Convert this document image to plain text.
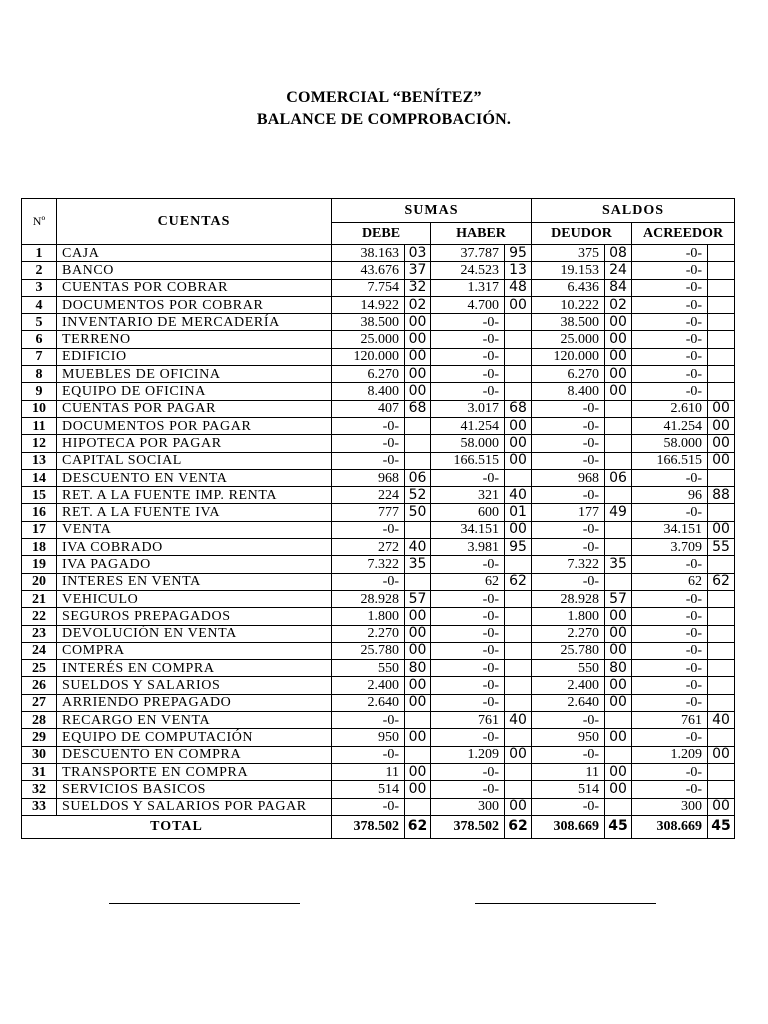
COMERCIAL “BENÍTEZ”
BALANCE DE COMPROBACIÓN.
Nº	CUENTAS	SUMAS				SALDOS			
		DEBE		HABER		DEUDOR		ACREEDOR	
1	CAJA	38.163	03	37.787	95	375	08	-0-	
2	BANCO	43.676	37	24.523	13	19.153	24	-0-	
3	CUENTAS POR COBRAR	7.754	32	1.317	48	6.436	84	-0-	
4	DOCUMENTOS POR COBRAR	14.922	02	4.700	00	10.222	02	-0-	
5	INVENTARIO DE MERCADERÍA	38.500	00	-0-		38.500	00	-0-	
6	TERRENO	25.000	00	-0-		25.000	00	-0-	
7	EDIFICIO	120.000	00	-0-		120.000	00	-0-	
8	MUEBLES DE OFICINA	6.270	00	-0-		6.270	00	-0-	
9	EQUIPO DE OFICINA	8.400	00	-0-		8.400	00	-0-	
10	CUENTAS POR PAGAR	407	68	3.017	68	-0-		2.610	00
11	DOCUMENTOS POR PAGAR	-0-		41.254	00	-0-		41.254	00
12	HIPOTECA POR PAGAR	-0-		58.000	00	-0-		58.000	00
13	CAPITAL SOCIAL	-0-		166.515	00	-0-		166.515	00
14	DESCUENTO EN VENTA	968	06	-0-		968	06	-0-	
15	RET. A LA FUENTE IMP. RENTA	224	52	321	40	-0-		96	88
16	RET. A LA FUENTE IVA	777	50	600	01	177	49	-0-	
17	VENTA	-0-		34.151	00	-0-		34.151	00
18	IVA COBRADO	272	40	3.981	95	-0-		3.709	55
19	IVA PAGADO	7.322	35	-0-		7.322	35	-0-	
20	INTERES EN VENTA	-0-		62	62	-0-		62	62
21	VEHICULO	28.928	57	-0-		28.928	57	-0-	
22	SEGUROS PREPAGADOS	1.800	00	-0-		1.800	00	-0-	
23	DEVOLUCIÓN EN VENTA	2.270	00	-0-		2.270	00	-0-	
24	COMPRA	25.780	00	-0-		25.780	00	-0-	
25	INTERÉS EN COMPRA	550	80	-0-		550	80	-0-	
26	SUELDOS Y SALARIOS	2.400	00	-0-		2.400	00	-0-	
27	ARRIENDO PREPAGADO	2.640	00	-0-		2.640	00	-0-	
28	RECARGO EN VENTA	-0-		761	40	-0-		761	40
29	EQUIPO DE COMPUTACIÓN	950	00	-0-		950	00	-0-	
30	DESCUENTO EN COMPRA	-0-		1.209	00	-0-		1.209	00
31	TRANSPORTE EN COMPRA	11	00	-0-		11	00	-0-	
32	SERVICIOS BASICOS	514	00	-0-		514	00	-0-	
33	SUELDOS Y SALARIOS POR PAGAR	-0-		300	00	-0-		300	00
TOTAL		378.502	62	378.502	62	308.669	45	308.669	45
